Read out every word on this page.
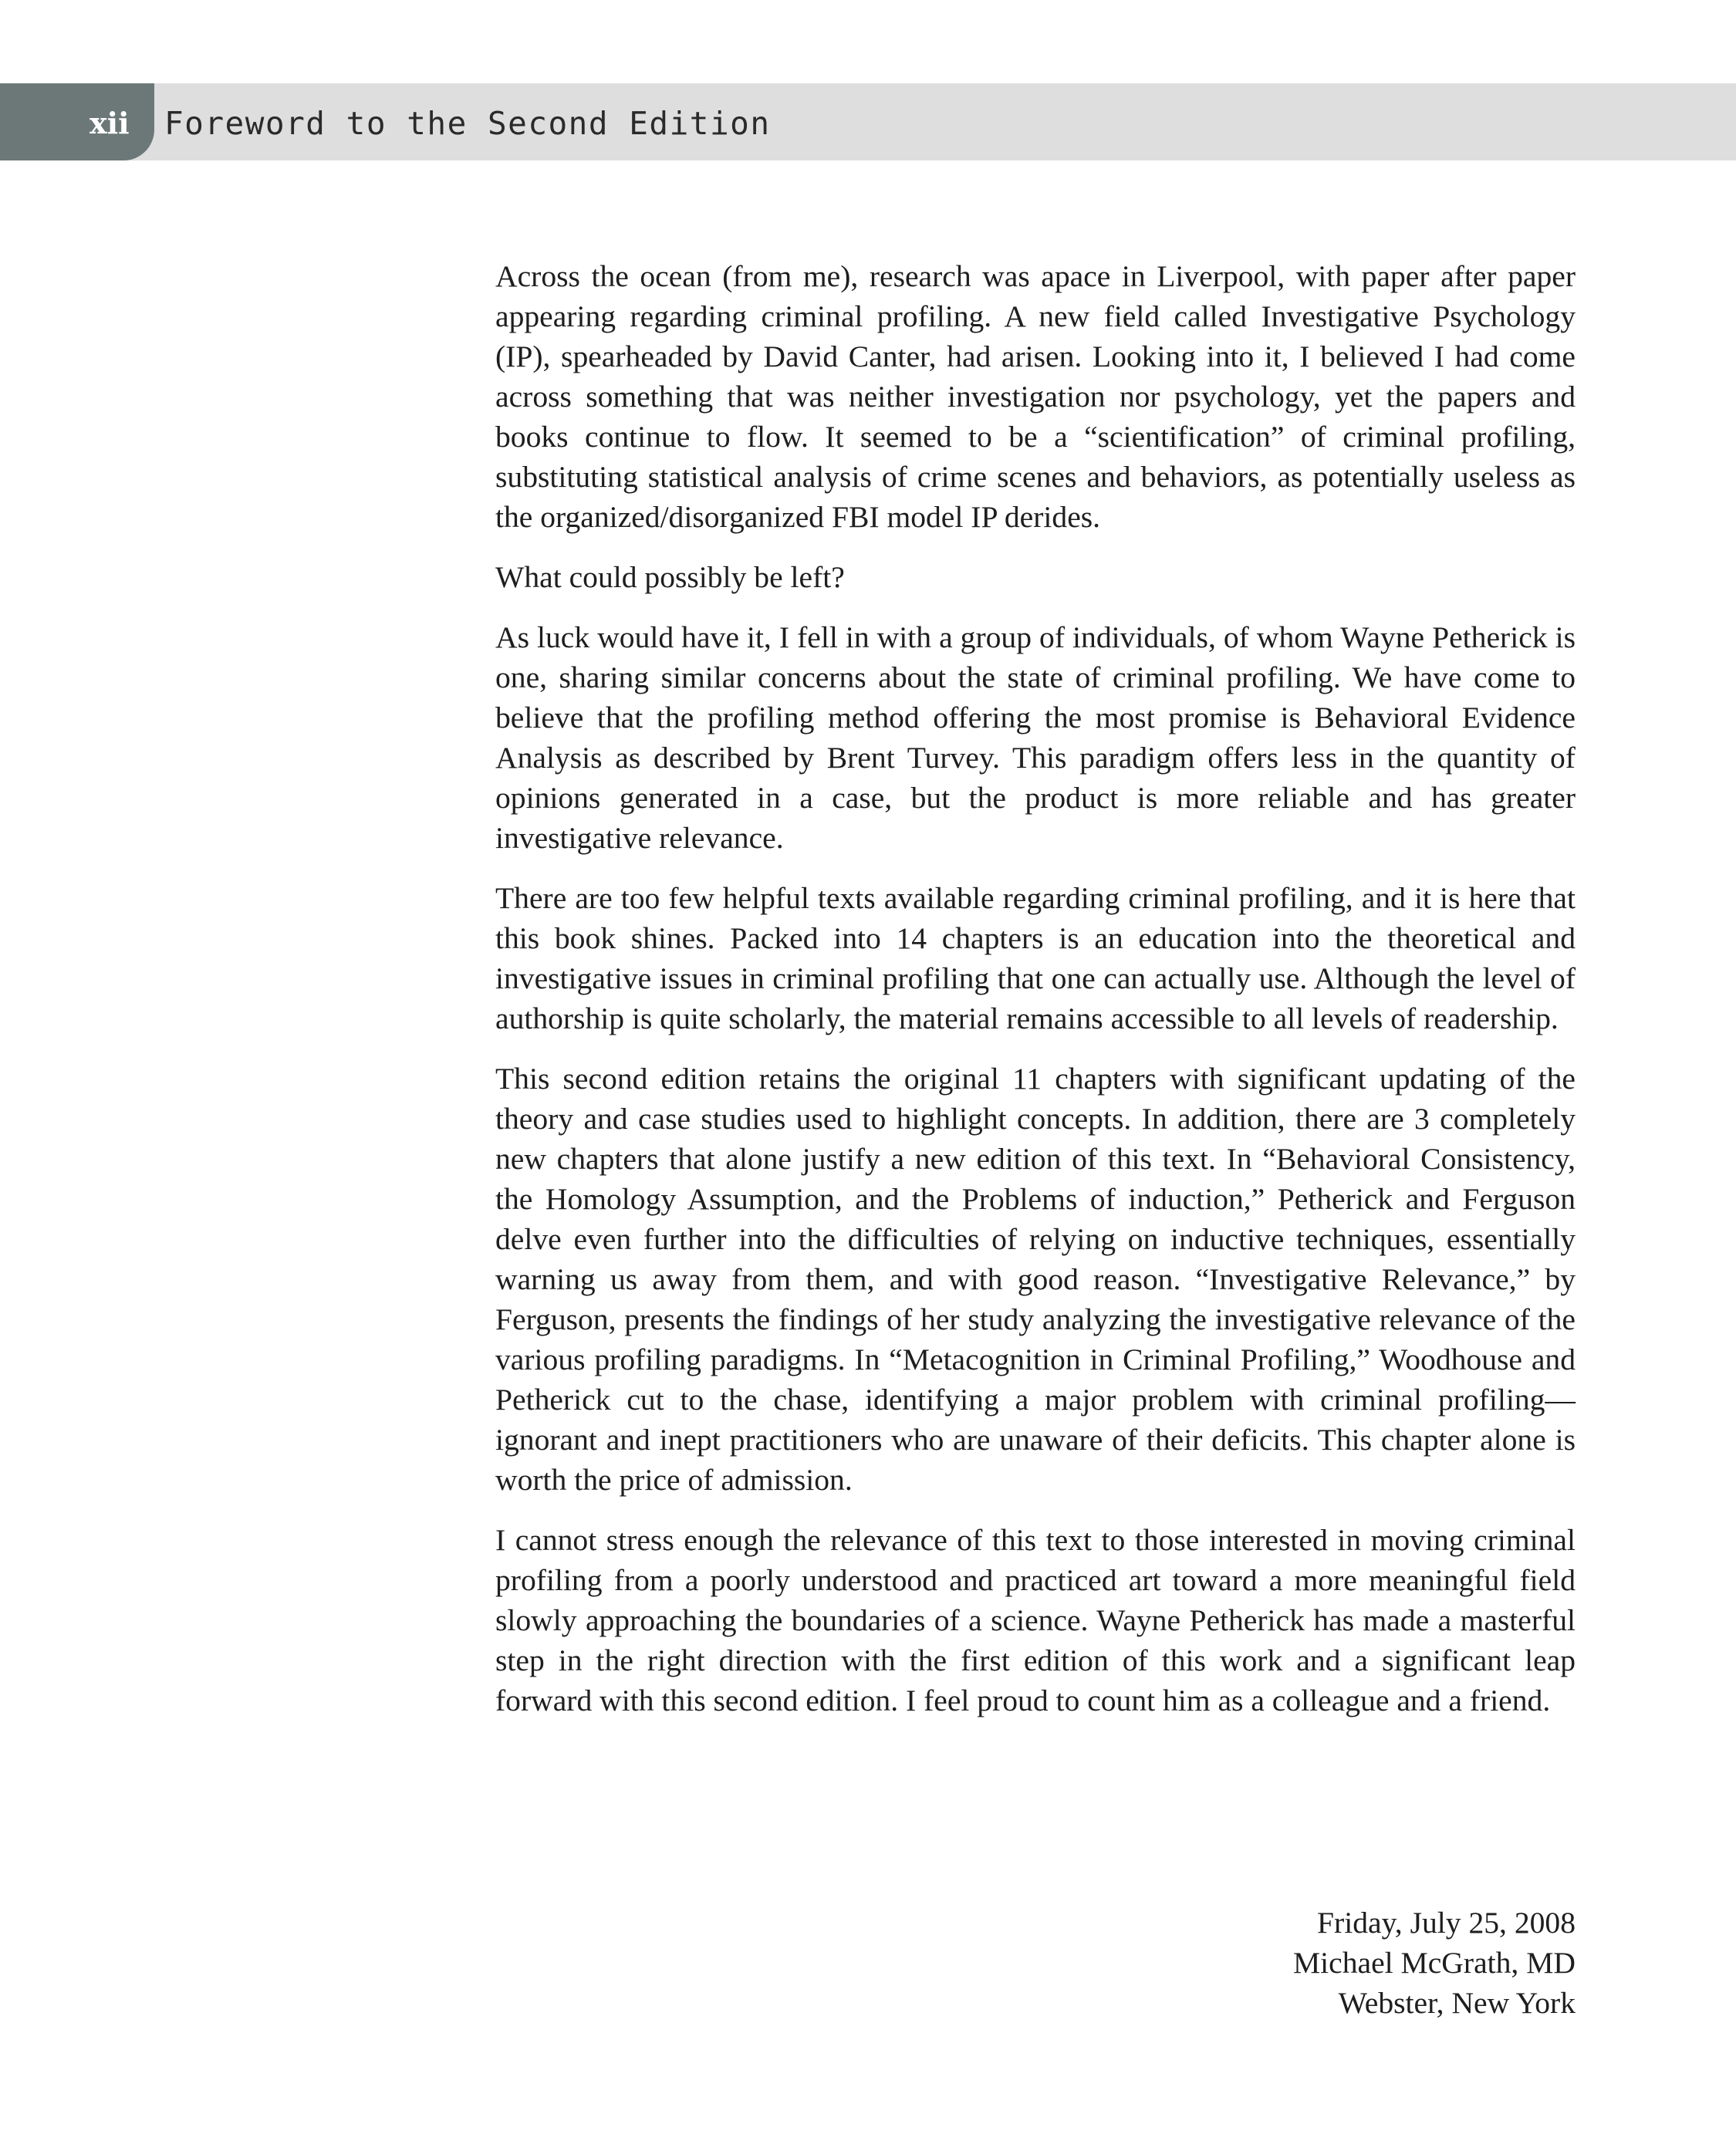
xii Foreword to the Second Edition

Across the ocean (from me), research was apace in Liverpool, with paper after paper appearing regarding criminal profiling. A new field called Investigative Psychology (IP), spearheaded by David Canter, had arisen. Looking into it, I believed I had come across something that was neither investigation nor psychology, yet the papers and books continue to flow. It seemed to be a “scientification” of criminal profiling, substituting statistical analysis of crime scenes and behaviors, as potentially useless as the organized/disorganized FBI model IP derides.

What could possibly be left?

As luck would have it, I fell in with a group of individuals, of whom Wayne Petherick is one, sharing similar concerns about the state of criminal profiling. We have come to believe that the profiling method offering the most promise is Behavioral Evidence Analysis as described by Brent Turvey. This paradigm offers less in the quantity of opinions generated in a case, but the product is more reliable and has greater investigative relevance.

There are too few helpful texts available regarding criminal profiling, and it is here that this book shines. Packed into 14 chapters is an education into the theoretical and investigative issues in criminal profiling that one can actually use. Although the level of authorship is quite scholarly, the material remains accessible to all levels of readership.

This second edition retains the original 11 chapters with significant updating of the theory and case studies used to highlight concepts. In addition, there are 3 completely new chapters that alone justify a new edition of this text. In “Behavioral Consistency, the Homology Assumption, and the Problems of induction,” Petherick and Ferguson delve even further into the difficulties of relying on inductive techniques, essentially warning us away from them, and with good reason. “Investigative Relevance,” by Ferguson, presents the findings of her study analyzing the investigative relevance of the various profiling paradigms. In “Metacognition in Criminal Profiling,” Woodhouse and Petherick cut to the chase, identifying a major problem with criminal profiling—ignorant and inept practitioners who are unaware of their deficits. This chapter alone is worth the price of admission.

I cannot stress enough the relevance of this text to those interested in moving criminal profiling from a poorly understood and practiced art toward a more meaningful field slowly approaching the boundaries of a science. Wayne Petherick has made a masterful step in the right direction with the first edition of this work and a significant leap forward with this second edition. I feel proud to count him as a colleague and a friend.

Friday, July 25, 2008
Michael McGrath, MD
Webster, New York
